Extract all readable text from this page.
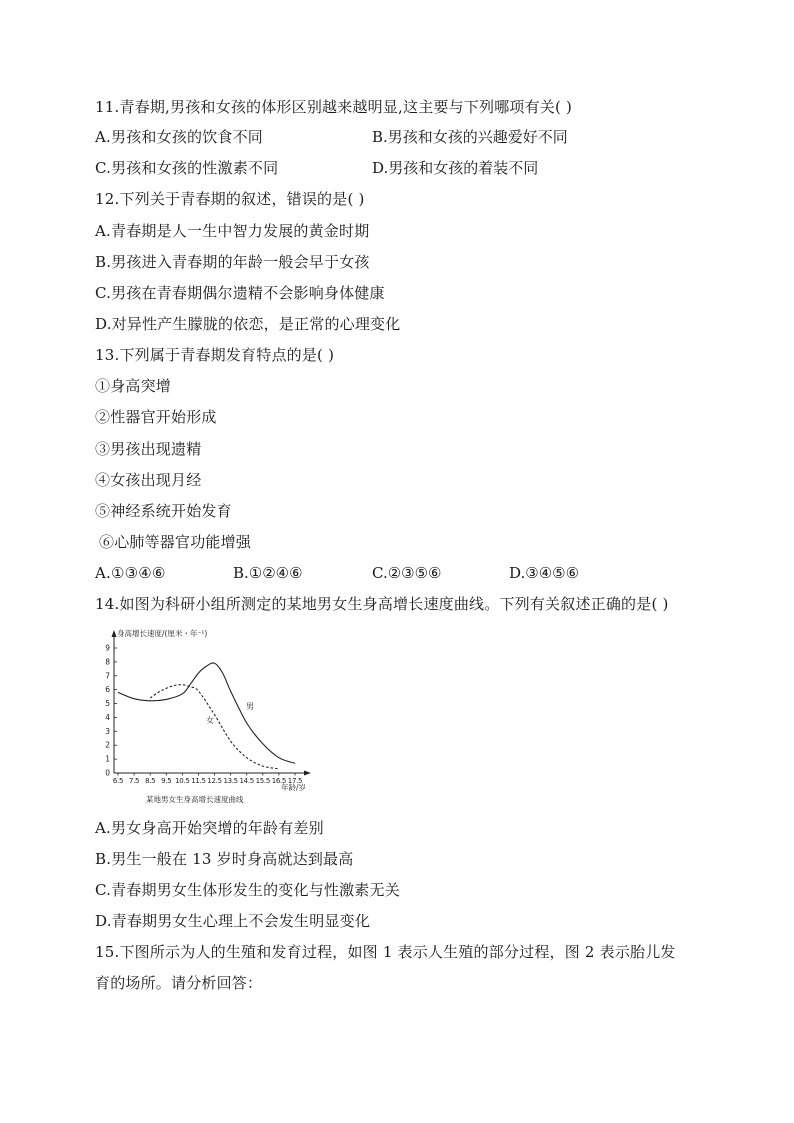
11.青春期,男孩和女孩的体形区别越来越明显,这主要与下列哪项有关( )
A.男孩和女孩的饮食不同	B.男孩和女孩的兴趣爱好不同
C.男孩和女孩的性激素不同	D.男孩和女孩的着装不同
12.下列关于青春期的叙述，错误的是( )
A.青春期是人一生中智力发展的黄金时期
B.男孩进入青春期的年龄一般会早于女孩
C.男孩在青春期偶尔遗精不会影响身体健康
D.对异性产生朦胧的依恋，是正常的心理变化
13.下列属于青春期发育特点的是( )
①身高突增
②性器官开始形成
③男孩出现遗精
④女孩出现月经
⑤神经系统开始发育
⑥心肺等器官功能增强
A.①③④⑥	B.①②④⑥	C.②③⑤⑥	D.③④⑤⑥
14.如图为科研小组所测定的某地男女生身高增长速度曲线。下列有关叙述正确的是( )
0
1
2
3
4
5
6
7
8
9
6.5 7.5 8.5 9.5 10.5 11.5 12.5 13.5 14.5 15.5 16.5 17.5
身高增长速度/(厘米・年⁻¹)
年龄/岁
男
女
某地男女生身高增长速度曲线
A.男女身高开始突增的年龄有差别
B.男生一般在 13 岁时身高就达到最高
C.青春期男女生体形发生的变化与性激素无关
D.青春期男女生心理上不会发生明显变化
15.下图所示为人的生殖和发育过程，如图 1 表示人生殖的部分过程，图 2 表示胎儿发
育的场所。请分析回答：
